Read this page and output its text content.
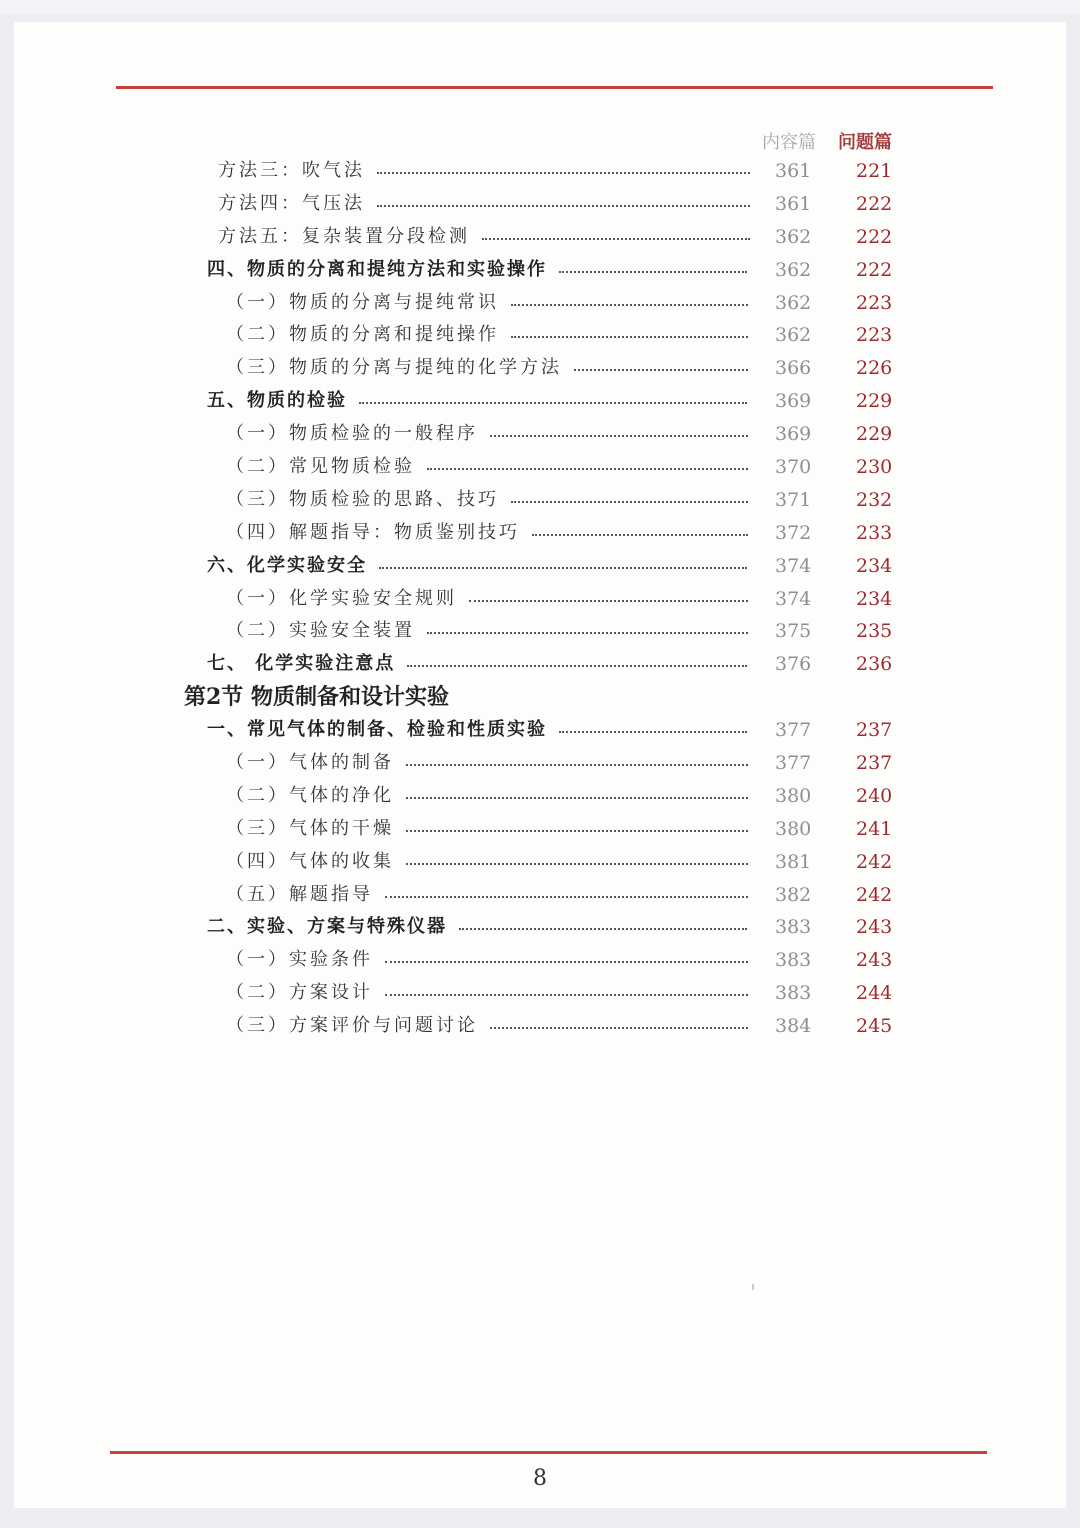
内容篇 问题篇
方法三：吹气法	361 221
方法四：气压法	361 222
方法五：复杂装置分段检测	362 222
四、物质的分离和提纯方法和实验操作	362 222
（一）物质的分离与提纯常识	362 223
（二）物质的分离和提纯操作	362 223
（三）物质的分离与提纯的化学方法	366 226
五、物质的检验	369 229
（一）物质检验的一般程序	369 229
（二）常见物质检验	370 230
（三）物质检验的思路、技巧	371 232
（四）解题指导：物质鉴别技巧	372 233
六、化学实验安全	374 234
（一）化学实验安全规则	374 234
（二）实验安全装置	375 235
七、 化学实验注意点	376 236
第2节 物质制备和设计实验
一、常见气体的制备、检验和性质实验	377 237
（一）气体的制备	377 237
（二）气体的净化	380 240
（三）气体的干燥	380 241
（四）气体的收集	381 242
（五）解题指导	382 242
二、实验、方案与特殊仪器	383 243
（一）实验条件	383 243
（二）方案设计	383 244
（三）方案评价与问题讨论	384 245
8
